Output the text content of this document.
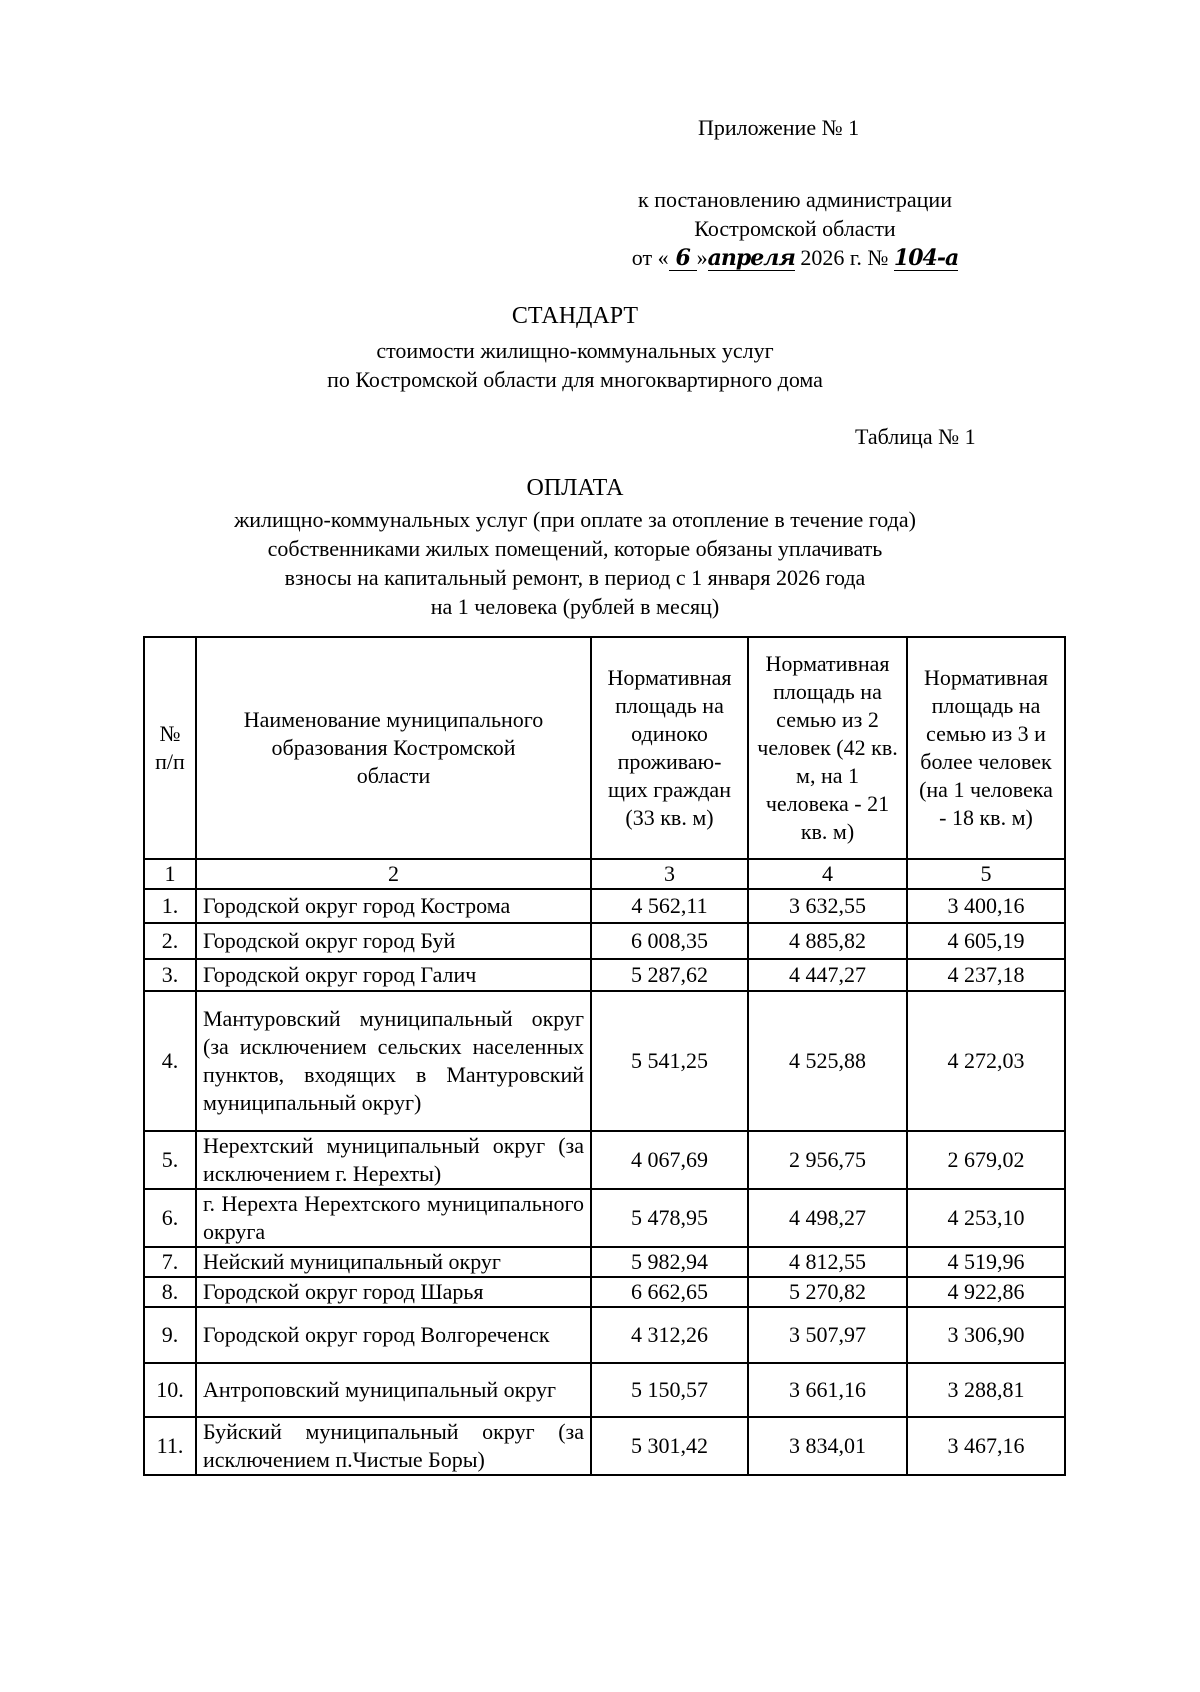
Приложение № 1
к постановлению администрации
Костромской области
от « 6 »апреля 2026 г. № 104-а
СТАНДАРТ
стоимости жилищно-коммунальных услуг
по Костромской области для многоквартирного дома
Таблица № 1
ОПЛАТА
жилищно-коммунальных услуг (при оплате за отопление в течение года)
собственниками жилых помещений, которые обязаны уплачивать
взносы на капитальный ремонт, в период с 1 января 2026 года
на 1 человека (рублей в месяц)
№ п/п	Наименование муниципального образования Костромской области	Нормативная площадь на одиноко проживаю-щих граждан (33 кв. м)	Нормативная площадь на семью из 2 человек (42 кв. м, на 1 человека - 21 кв. м)	Нормативная площадь на семью из 3 и более человек (на 1 человека - 18 кв. м)
1	2	3	4	5
1.	Городской округ город Кострома	4 562,11	3 632,55	3 400,16
2.	Городской округ город Буй	6 008,35	4 885,82	4 605,19
3.	Городской округ город Галич	5 287,62	4 447,27	4 237,18
4.	Мантуровский муниципальный округ (за исключением сельских населенных пунктов, входящих в Мантуровский муниципальный округ)	5 541,25	4 525,88	4 272,03
5.	Нерехтский муниципальный округ (за исключением г. Нерехты)	4 067,69	2 956,75	2 679,02
6.	г. Нерехта Нерехтского муниципального округа	5 478,95	4 498,27	4 253,10
7.	Нейский муниципальный округ	5 982,94	4 812,55	4 519,96
8.	Городской округ город Шарья	6 662,65	5 270,82	4 922,86
9.	Городской округ город Волгореченск	4 312,26	3 507,97	3 306,90
10.	Антроповский муниципальный округ	5 150,57	3 661,16	3 288,81
11.	Буйский муниципальный округ (за исключением п.Чистые Боры)	5 301,42	3 834,01	3 467,16
